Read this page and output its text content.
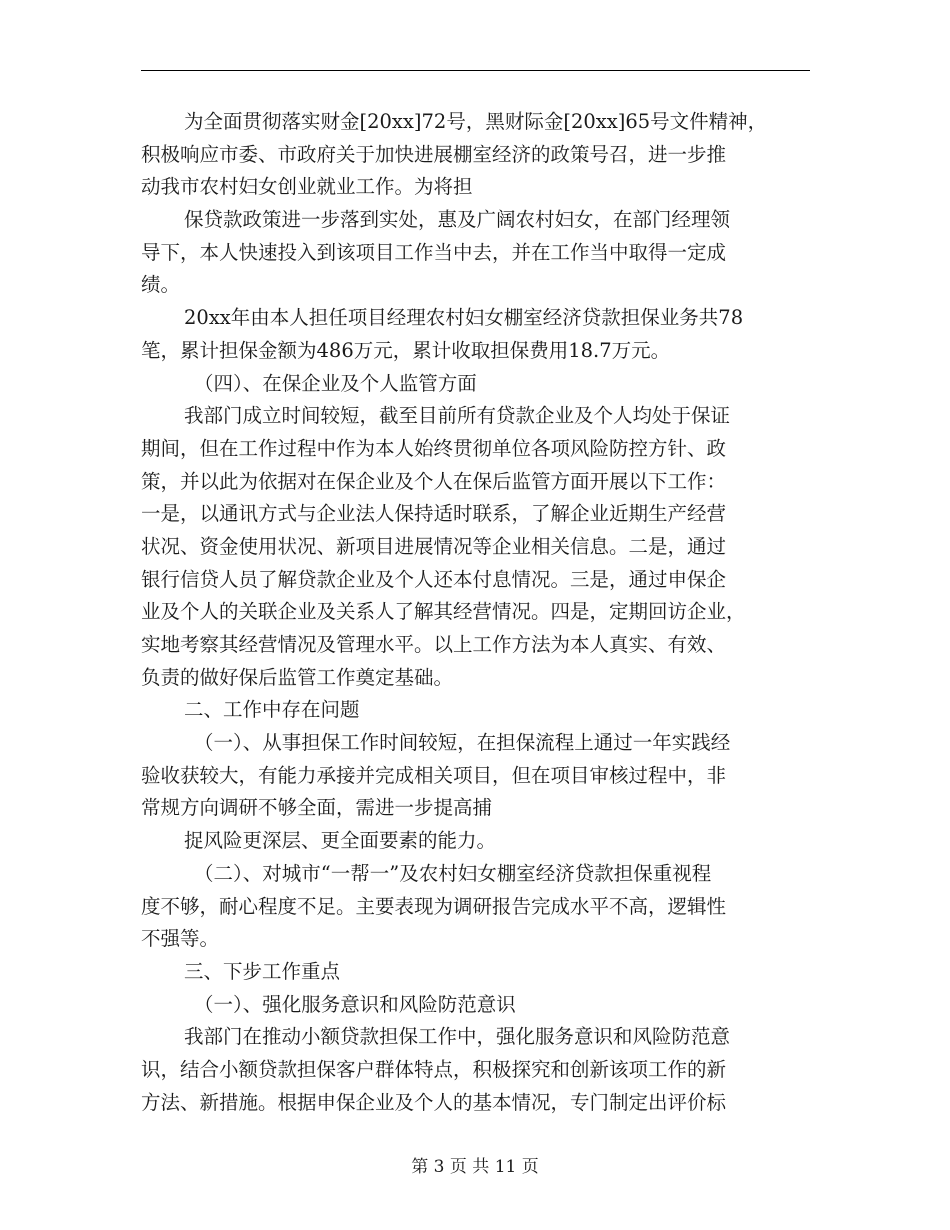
为全面贯彻落实财金[20xx]72号，黑财际金[20xx]65号文件精神，
积极响应市委、市政府关于加快进展棚室经济的政策号召，进一步推
动我市农村妇女创业就业工作。为将担
保贷款政策进一步落到实处，惠及广阔农村妇女，在部门经理领
导下，本人快速投入到该项目工作当中去，并在工作当中取得一定成
绩。
20xx年由本人担任项目经理农村妇女棚室经济贷款担保业务共78
笔，累计担保金额为486万元，累计收取担保费用18.7万元。
（四）、在保企业及个人监管方面
我部门成立时间较短，截至目前所有贷款企业及个人均处于保证
期间，但在工作过程中作为本人始终贯彻单位各项风险防控方针、政
策，并以此为依据对在保企业及个人在保后监管方面开展以下工作：
一是，以通讯方式与企业法人保持适时联系，了解企业近期生产经营
状况、资金使用状况、新项目进展情况等企业相关信息。二是，通过
银行信贷人员了解贷款企业及个人还本付息情况。三是，通过申保企
业及个人的关联企业及关系人了解其经营情况。四是，定期回访企业，
实地考察其经营情况及管理水平。以上工作方法为本人真实、有效、
负责的做好保后监管工作奠定基础。
二、工作中存在问题
（一）、从事担保工作时间较短，在担保流程上通过一年实践经
验收获较大，有能力承接并完成相关项目，但在项目审核过程中，非
常规方向调研不够全面，需进一步提高捕
捉风险更深层、更全面要素的能力。
（二）、对城市“一帮一”及农村妇女棚室经济贷款担保重视程
度不够，耐心程度不足。主要表现为调研报告完成水平不高，逻辑性
不强等。
三、下步工作重点
（一）、强化服务意识和风险防范意识
我部门在推动小额贷款担保工作中，强化服务意识和风险防范意
识，结合小额贷款担保客户群体特点，积极探究和创新该项工作的新
方法、新措施。根据申保企业及个人的基本情况，专门制定出评价标
第 3 页 共 11 页
